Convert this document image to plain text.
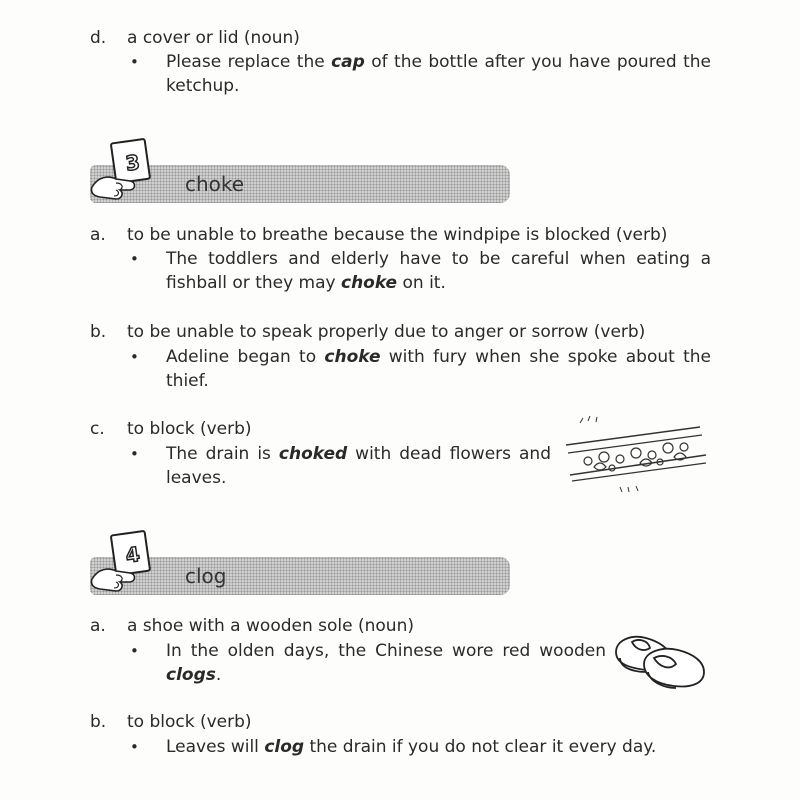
d. a cover or lid (noun)
• Please replace the cap of the bottle after you have poured the ketchup.
3
choke
a. to be unable to breathe because the windpipe is blocked (verb)
• The toddlers and elderly have to be careful when eating a fishball or they may choke on it.
b. to be unable to speak properly due to anger or sorrow (verb)
• Adeline began to choke with fury when she spoke about the thief.
c. to block (verb)
• The drain is choked with dead flowers and leaves.
4
clog
a. a shoe with a wooden sole (noun)
• In the olden days, the Chinese wore red wooden clogs.
b. to block (verb)
• Leaves will clog the drain if you do not clear it every day.
